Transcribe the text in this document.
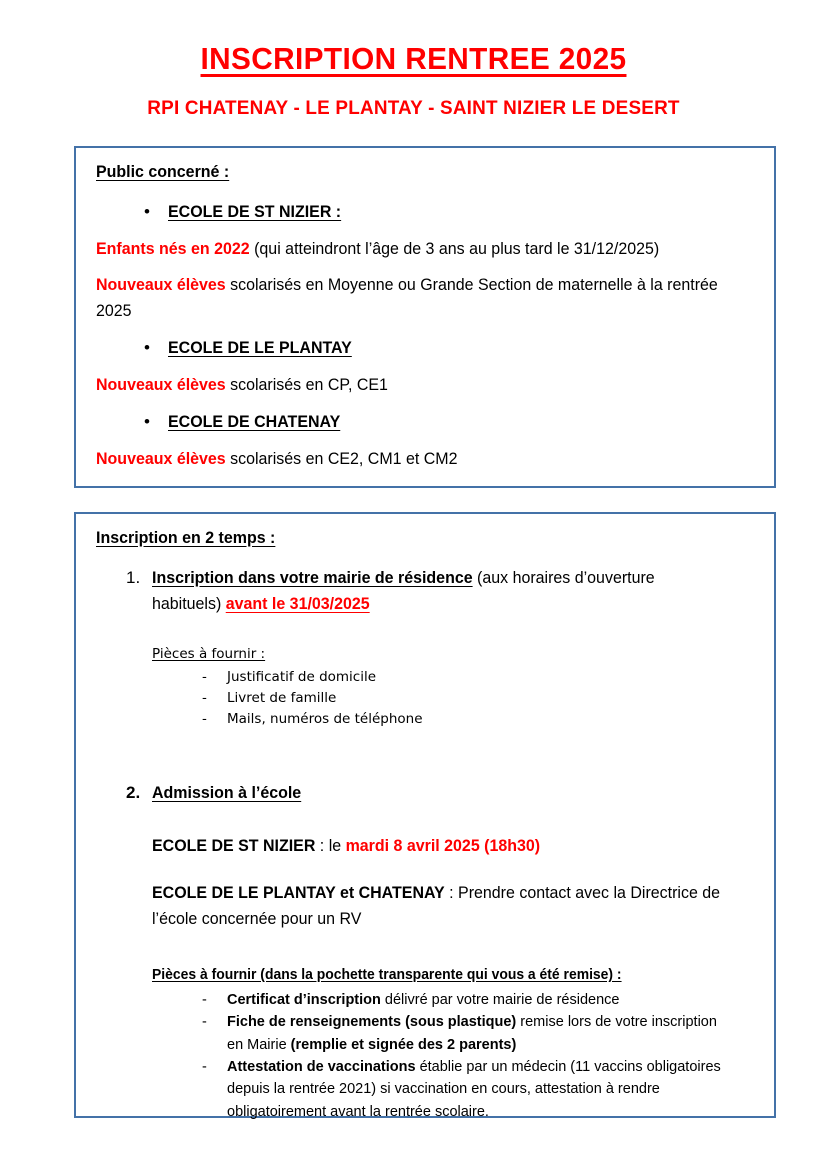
INSCRIPTION RENTREE 2025
RPI CHATENAY - LE PLANTAY - SAINT NIZIER LE DESERT
Public concerné :
•	ECOLE DE ST NIZIER :

Enfants nés en 2022 (qui atteindront l’âge de 3 ans au plus tard le 31/12/2025)

Nouveaux élèves scolarisés en Moyenne ou Grande Section de maternelle à la rentrée 2025

•	ECOLE DE LE PLANTAY

Nouveaux élèves scolarisés en CP, CE1

•	ECOLE DE CHATENAY

Nouveaux élèves scolarisés en CE2, CM1 et CM2

Inscription en 2 temps :
1. Inscription dans votre mairie de résidence (aux horaires d’ouverture habituels) avant le 31/03/2025
Pièces à fournir :
-	Justificatif de domicile
-	Livret de famille
-	Mails, numéros de téléphone
2. Admission à l’école

ECOLE DE ST NIZIER : le mardi 8 avril 2025 (18h30)

ECOLE DE LE PLANTAY et CHATENAY : Prendre contact avec la Directrice de l’école concernée pour un RV

Pièces à fournir (dans la pochette transparente qui vous a été remise) :
-	Certificat d’inscription délivré par votre mairie de résidence
-	Fiche de renseignements (sous plastique) remise lors de votre inscription
en Mairie (remplie et signée des 2 parents)
-	Attestation de vaccinations établie par un médecin (11 vaccins obligatoires depuis la rentrée 2021) si vaccination en cours, attestation à rendre obligatoirement avant la rentrée scolaire.
